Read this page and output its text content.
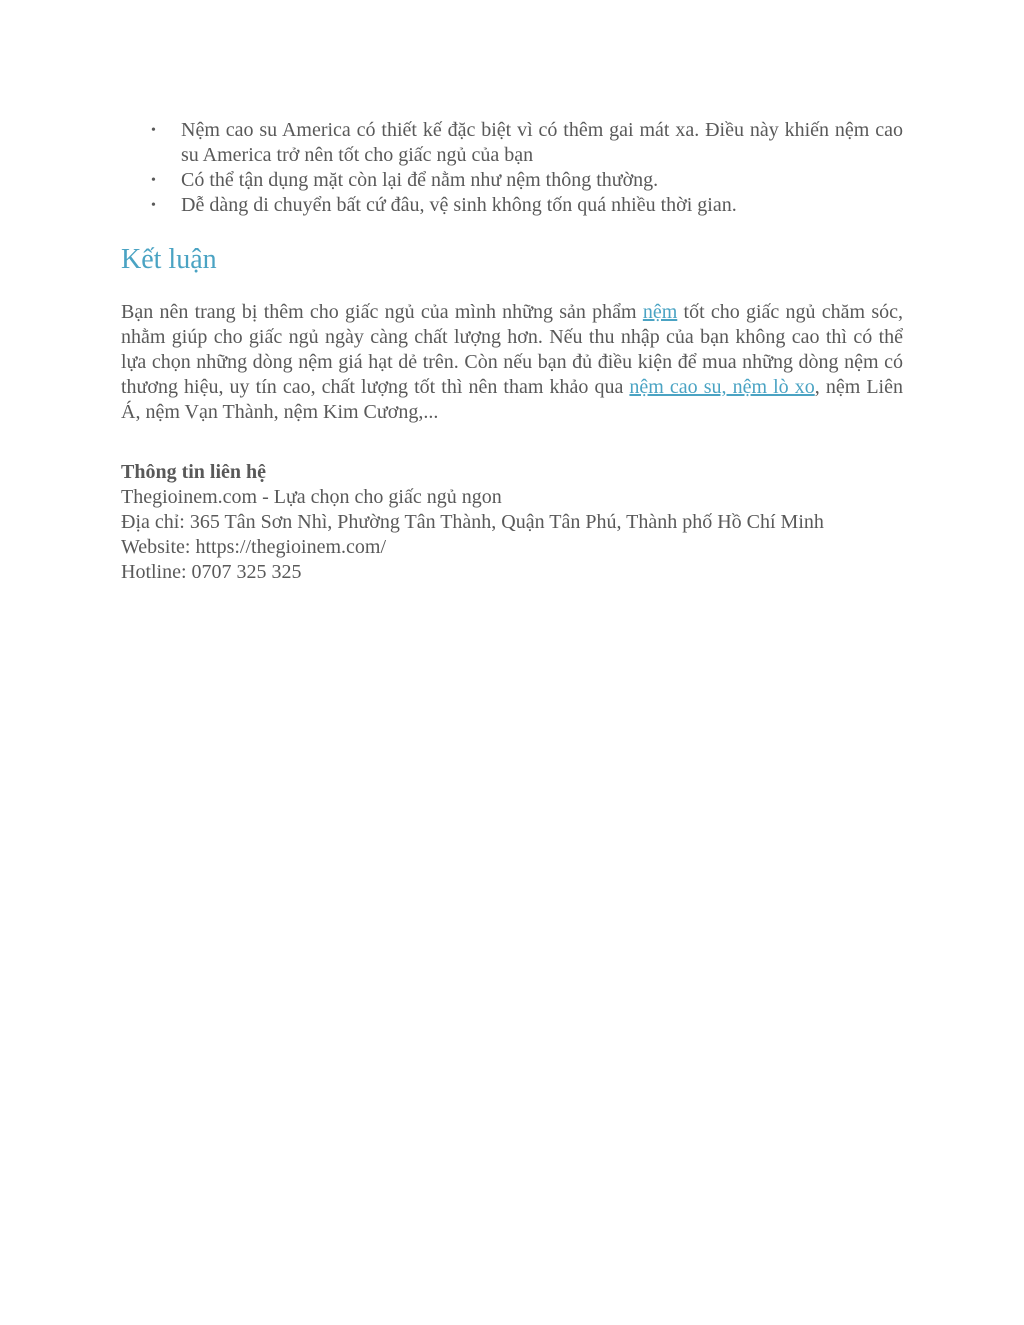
• Nệm cao su America có thiết kế đặc biệt vì có thêm gai mát xa. Điều này khiến nệm cao su America trở nên tốt cho giấc ngủ của bạn
• Có thể tận dụng mặt còn lại để nằm như nệm thông thường.
• Dễ dàng di chuyển bất cứ đâu, vệ sinh không tốn quá nhiều thời gian.
Kết luận

Bạn nên trang bị thêm cho giấc ngủ của mình những sản phẩm nệm tốt cho giấc ngủ chăm sóc, nhằm giúp cho giấc ngủ ngày càng chất lượng hơn. Nếu thu nhập của bạn không cao thì có thể lựa chọn những dòng nệm giá hạt dẻ trên. Còn nếu bạn đủ điều kiện để mua những dòng nệm có thương hiệu, uy tín cao, chất lượng tốt thì nên tham khảo qua nệm cao su, nệm lò xo, nệm Liên Á, nệm Vạn Thành, nệm Kim Cương,...

Thông tin liên hệ
Thegioinem.com - Lựa chọn cho giấc ngủ ngon
Địa chỉ: 365 Tân Sơn Nhì, Phường Tân Thành, Quận Tân Phú, Thành phố Hồ Chí Minh
Website: https://thegioinem.com/
Hotline: 0707 325 325
